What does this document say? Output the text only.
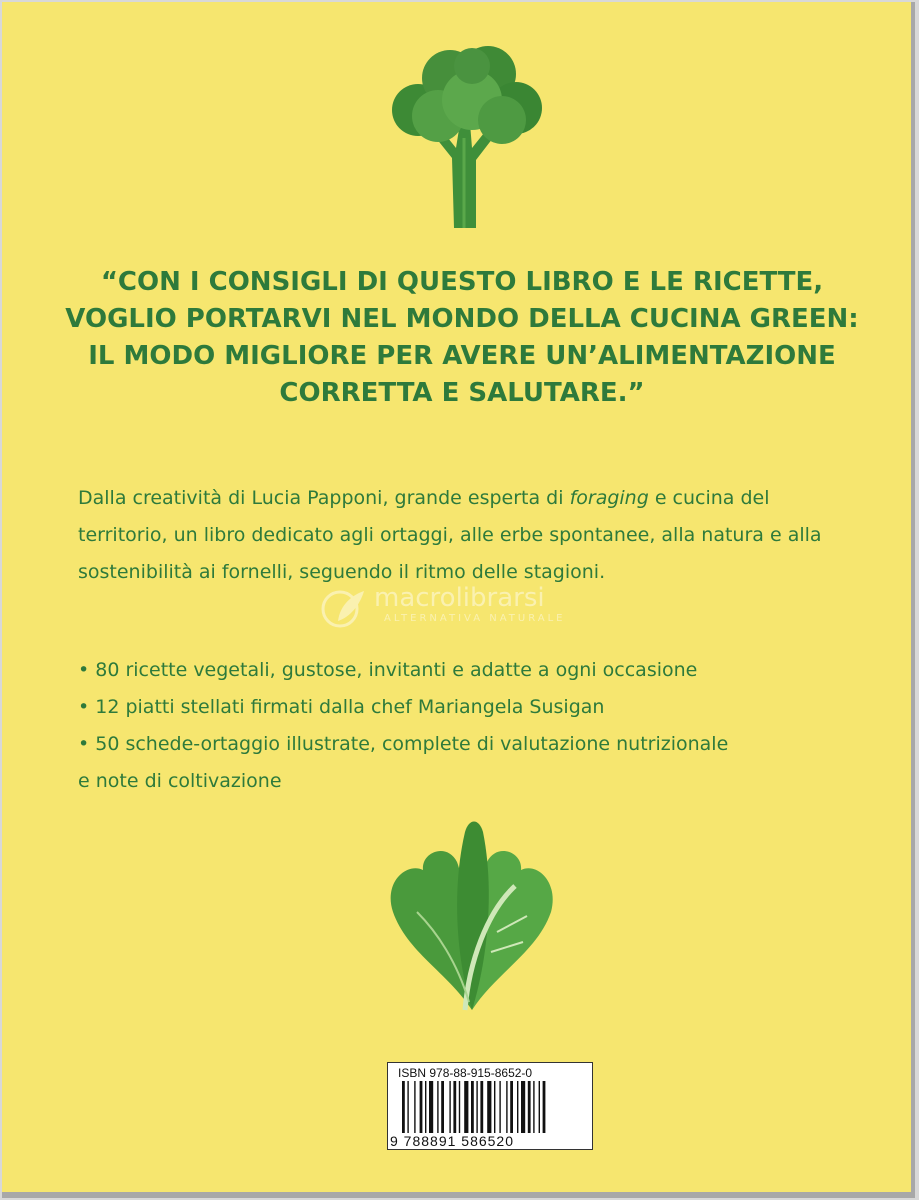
“CON I CONSIGLI DI QUESTO LIBRO E LE RICETTE,
VOGLIO PORTARVI NEL MONDO DELLA CUCINA GREEN:
IL MODO MIGLIORE PER AVERE UN’ALIMENTAZIONE
CORRETTA E SALUTARE.”
Dalla creatività di Lucia Papponi, grande esperta di foraging e cucina del
territorio, un libro dedicato agli ortaggi, alle erbe spontanee, alla natura e alla
sostenibilità ai fornelli, seguendo il ritmo delle stagioni.
macrolibrarsi
ALTERNATIVA NATURALE
• 80 ricette vegetali, gustose, invitanti e adatte a ogni occasione
• 12 piatti stellati firmati dalla chef Mariangela Susigan
• 50 schede-ortaggio illustrate, complete di valutazione nutrizionale
e note di coltivazione
ISBN 978-88-915-8652-0
9 788891 586520
